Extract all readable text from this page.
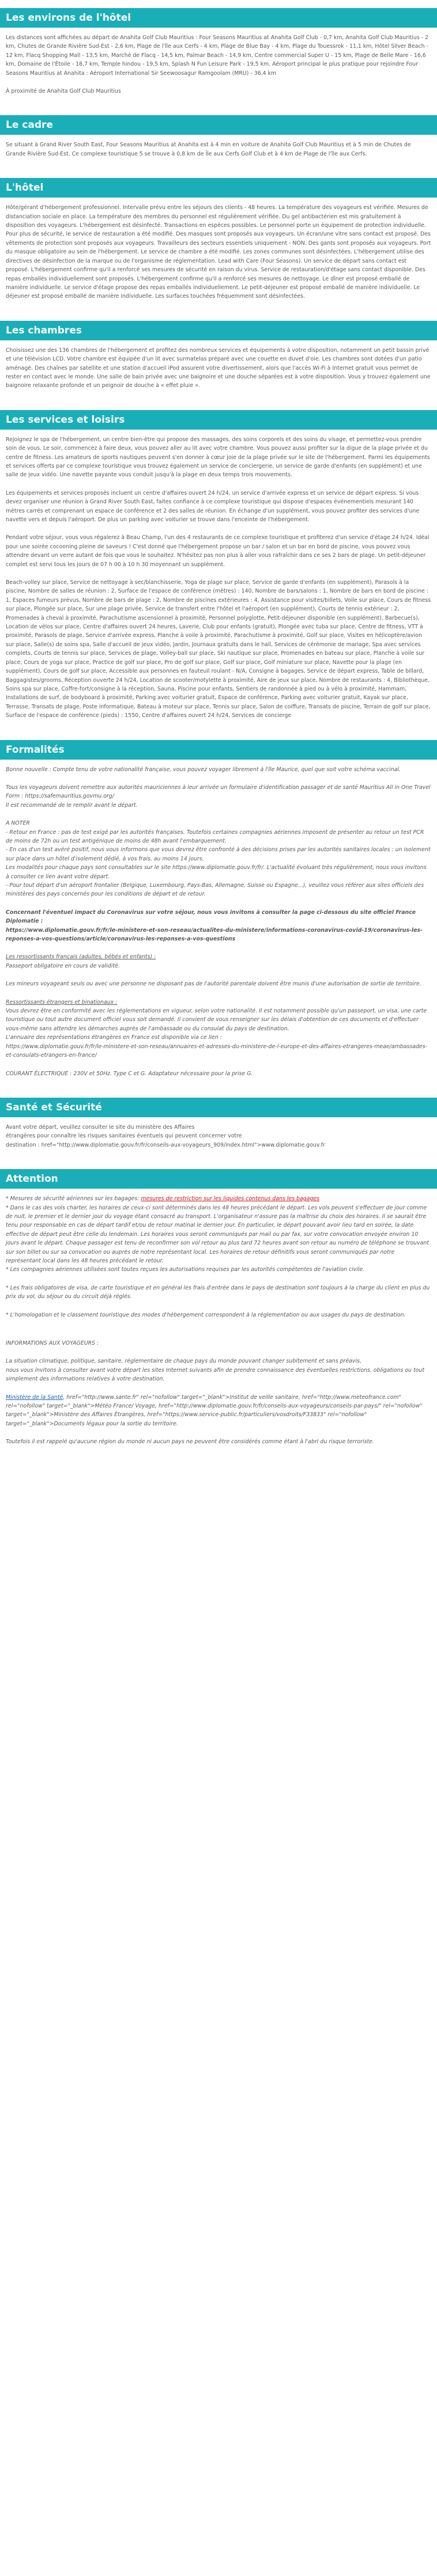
Les environs de l'hôtel

Les distances sont affichées au départ de Anahita Golf Club Mauritius : Four Seasons Mauritius at Anahita Golf Club - 0,7 km, Anahita Golf Club Mauritius - 2 km, Chutes de Grande Rivière Sud-Est - 2,6 km, Plage de l'île aux Cerfs - 4 km, Plage de Blue Bay - 4 km, Plage du Touessrok - 11,1 km, Hôtel Silver Beach - 12 km, Flacq Shopping Mall - 13,5 km, Marché de Flacq - 14,5 km, Palmar Beach - 14,9 km, Centre commercial Super U - 15 km, Plage de Belle Mare - 16,6 km, Domaine de l'Étoile - 18,7 km, Temple hindou - 19,5 km, Splash N Fun Leisure Park - 19,5 km. Aéroport principal le plus pratique pour rejoindre Four Seasons Mauritius at Anahita : Aéroport International Sir Seewoosagur Ramgoolam (MRU) - 36,4 km

À proximité de Anahita Golf Club Mauritius

Le cadre

Se situant à Grand River South East, Four Seasons Mauritius at Anahita est à 4 min en voiture de Anahita Golf Club Mauritius et à 5 min de Chutes de Grande Rivière Sud-Est. Ce complexe touristique 5 se trouve à 0,8 km de Île aux Cerfs Golf Club et à 4 km de Plage de l'île aux Cerfs.

L'hôtel

Hôte/gérant d'hébergement professionnel. Intervalle prévu entre les séjours des clients - 48 heures. La température des voyageurs est vérifiée. Mesures de distanciation sociale en place. La température des membres du personnel est régulièrement vérifiée. Du gel antibactérien est mis gratuitement à disposition des voyageurs. L'hébergement est désinfecté. Transactions en espèces possibles. Le personnel porte un équipement de protection individuelle. Pour plus de sécurité, le service de restauration a été modifié. Des masques sont proposés aux voyageurs. Un écran/une vitre sans contact est proposé. Des vêtements de protection sont proposés aux voyageurs. Travailleurs des secteurs essentiels uniquement - NON. Des gants sont proposés aux voyageurs. Port du masque obligatoire au sein de l'hébergement. Le service de chambre a été modifié. Les zones communes sont désinfectées. L'hébergement utilise des directives de désinfection de la marque ou de l'organisme de réglementation. Lead with Care (Four Seasons). Un service de départ sans contact est proposé. L'hébergement confirme qu'il a renforcé ses mesures de sécurité en raison du virus. Service de restauration/d'étage sans contact disponible. Des repas emballés individuellement sont proposés. L'hébergement confirme qu'il a renforcé ses mesures de nettoyage. Le dîner est proposé emballé de manière individuelle. Le service d'étage propose des repas emballés individuellement. Le petit-déjeuner est proposé emballé de manière individuelle. Le déjeuner est proposé emballé de manière individuelle. Les surfaces touchées fréquemment sont désinfectées.

Les chambres

Choisissez une des 136 chambres de l'hébergement et profitez des nombreux services et équipements à votre disposition, notamment un petit bassin privé et une télévision LCD. Votre chambre est équipée d'un lit avec surmatelas préparé avec une couette en duvet d'oie. Les chambres sont dotées d'un patio aménagé. Des chaînes par satellite et une station d'accueil iPod assurent votre divertissement, alors que l'accès Wi-Fi à Internet gratuit vous permet de rester en contact avec le monde. Une salle de bain privée avec une baignoire et une douche séparées est à votre disposition. Vous y trouvez également une baignoire relaxante profonde et un peignoir de douche à « effet pluie ».

Les services et loisirs

Rejoignez le spa de l'hébergement, un centre bien-être qui propose des massages, des soins corporels et des soins du visage, et permettez-vous prendre soin de vous. Le soir, commencez à faire deux, vous pouvez aller au lit avec votre chambre. Vous pouvez aussi profiter sur la digue de la plage privée et du centre de fitness. Les amateurs de sports nautiques peuvent s'en donner à cœur joie de la plage privée sur le site de l'hébergement. Parmi les équipements et services offerts par ce complexe touristique vous trouvez également un service de conciergerie, un service de garde d'enfants (en supplément) et une salle de jeux vidéo. Une navette payante vous conduit jusqu'à la plage en deux temps trois mouvements.

Les équipements et services proposés incluent un centre d'affaires ouvert 24 h/24, un service d'arrivée express et un service de départ express. Si vous devez organiser une réunion à Grand River South East, faites confiance à ce complexe touristique qui dispose d'espaces événementiels mesurant 140 mètres carrés et comprenant un espace de conférence et 2 des salles de réunion. En échange d'un supplément, vous pouvez profiter des services d'une navette vers et depuis l'aéroport. De plus un parking avec voiturier se trouve dans l'enceinte de l'hébergement.

Pendant votre séjour, vous vous régalerez à Beau Champ, l'un des 4 restaurants de ce complexe touristique et profiterez d'un service d'étage 24 h/24. Idéal pour une soirée cocooning pleine de saveurs ! C'est donné que l'hébergement propose un bar / salon et un bar en bord de piscine, vous pouvez vous attendre devant un verre autant de fois que vous le souhaitez. N'hésitez pas non plus à aller vous rafraîchir dans ce ses 2 bars de plage. Un petit-déjeuner complet est servi tous les jours de 07 h 00 à 10 h 30 moyennant un supplément.

Beach-volley sur place, Service de nettoyage à sec/blanchisserie, Yoga de plage sur place, Service de garde d'enfants (en supplément), Parasols à la piscine, Nombre de salles de réunion : 2, Surface de l'espace de conférence (mètres) : 140, Nombre de bars/salons : 1, Nombre de bars en bord de piscine : 1, Espaces fumeurs prévus, Nombre de bars de plage : 2, Nombre de piscines extérieures : 4, Assistance pour visites/billets, Voile sur place, Cours de fitness sur place, Plongée sur place, Sur une plage privée, Service de transfert entre l'hôtel et l'aéroport (en supplément), Courts de tennis extérieur : 2, Promenades à cheval à proximité, Parachutisme ascensionnel à proximité, Personnel polyglotte, Petit-déjeuner disponible (en supplément), Barbecue(s), Location de vélos sur place, Centre d'affaires ouvert 24 heures, Laverie, Club pour enfants (gratuit), Plongée avec tuba sur place, Centre de fitness, VTT à proximité, Parasols de plage, Service d'arrivée express, Planche à voile à proximité, Parachutisme à proximité, Golf sur place, Visites en hélicoptère/avion sur place, Salle(s) de soins spa, Salle d'accueil de jeux vidéo, Jardin, Journaux gratuits dans le hall, Services de cérémonie de mariage, Spa avec services complets, Courts de tennis sur place, Services de plage, Volley-ball sur place, Ski nautique sur place, Promenades en bateau sur place, Planche à voile sur place, Cours de yoga sur place, Practice de golf sur place, Pro de golf sur place, Golf sur place, Golf miniature sur place, Navette pour la plage (en supplément), Cours de golf sur place, Accessible aux personnes en fauteuil roulant - N/A, Consigne à bagages, Service de départ express, Table de billard, Baggagistes/grooms, Réception ouverte 24 h/24, Location de scooter/motylette à proximité, Aire de jeux sur place, Nombre de restaurants : 4, Bibliothèque, Soins spa sur place, Coffre-fort/consigne à la réception, Sauna, Piscine pour enfants, Sentiers de randonnée à pied ou à vélo à proximité, Hammam, Installations de surf, de bodyboard à proximité, Parking avec voiturier gratuit, Espace de conférence, Parking avec voiturier gratuit, Kayak sur place, Terrasse, Transats de plage, Poste informatique, Bateau à moteur sur place, Tennis sur place, Salon de coiffure, Transats de piscine, Terrain de golf sur place, Surface de l'espace de conférence (pieds) : 1550, Centre d'affaires ouvert 24 h/24, Services de concierge

Formalités

Bonne nouvelle : Compte tenu de votre nationalité française, vous pouvez voyager librement à l'île Maurice, quel que soit votre schéma vaccinal.

Tous les voyageurs doivent remettre aux autorités mauriciennes à leur arrivée un formulaire d'identification passager et de santé Mauritius All in One Travel Form : https://safemauritius.govmu.org/
Il est recommandé de le remplir avant le départ.

A NOTER
- Retour en France : pas de test exigé par les autorités françaises. Toutefois certaines compagnies aériennes imposent de présenter au retour un test PCR de moins de 72h ou un test antigénique de moins de 48h avant l'embarquement.
- En cas d'un test avéré positif, nous vous informons que vous devrez être confronté à des décisions prises par les autorités sanitaires locales : un isolement sur place dans un hôtel d'isolement dédié, à vos frais, au moins 14 jours.
Les modalités pour chaque pays sont consultables sur le site https://www.diplomatie.gouv.fr/fr/. L'actualité évoluant très régulièrement, nous vous invitons à consulter ce lien avant votre départ.
- Pour tout départ d'un aéroport frontalier (Belgique, Luxembourg, Pays-Bas, Allemagne, Suisse ou Espagne...), veuillez vous référer aux sites officiels des ministères des pays concernés pour les conditions de départ et de retour.

Concernant l'éventuel impact du Coronavirus sur votre séjour, nous vous invitons à consulter la page ci-dessous du site officiel France Diplomatie :
https://www.diplomatie.gouv.fr/fr/le-ministere-et-son-reseau/actualites-du-ministere/informations-coronavirus-covid-19/coronavirus-les-reponses-a-vos-questions/article/coronavirus-les-reponses-a-vos-questions

Les ressortissants français (adultes, bébés et enfants) :
Passeport obligatoire en cours de validité.

Les mineurs voyageant seuls ou avec une personne ne disposant pas de l'autorité parentale doivent être munis d'une autorisation de sortie de territoire.

Ressortissants étrangers et binationaux :
Vous devrez être en conformité avec les réglementations en vigueur, selon votre nationalité. Il est notamment possible qu'un passeport, un visa, une carte touristique ou tout autre document officiel vous soit demandé. Il convient de vous renseigner sur les délais d'obtention de ces documents et d'effectuer vous-même sans attendre les démarches auprès de l'ambassade ou du consulat du pays de destination.
L'annuaire des représentations étrangères en France est disponible via ce lien :
https://www.diplomatie.gouv.fr/fr/le-ministere-et-son-reseau/annuaires-et-adresses-du-ministere-de-l-europe-et-des-affaires-etrangeres-meae/ambassades-et-consulats-etrangers-en-france/

COURANT ÉLECTRIQUE : 230V et 50Hz. Type C et G. Adaptateur nécessaire pour la prise G.

Santé et Sécurité

Avant votre départ, veuillez consulter le site du ministère des Affaires
étrangères pour connaître les risques sanitaires éventuels qui peuvent concerner votre
destination : href="http://www.diplomatie.gouv.fr/fr/conseils-aux-voyageurs_909/index.html">www.diplomatie.gouv.fr

Attention

* Mesures de sécurité aériennes sur les bagages: mesures de restriction sur les liquides contenus dans les bagages
* Dans le cas des vols charter, les horaires de ceux-ci sont déterminés dans les 48 heures précédant le départ. Les vols peuvent s'effectuer de jour comme de nuit, le premier et le dernier jour du voyage étant consacré au transport. L'organisateur n'assure pas la maîtrise du choix des horaires. Il se saurait être tenu pour responsable en cas de départ tardif et/ou de retour matinal le dernier jour. En particulier, le départ pouvant avoir lieu tard en soirée, la date effective de départ peut être celle du lendemain. Les horaires vous seront communiqués par mail ou par fax, sur votre convocation envoyée environ 10 jours avant le départ. Chaque passager est tenu de reconfirmer son vol retour au plus tard 72 heures avant son retour au numéro de téléphone se trouvant sur son billet ou sur sa convocation ou auprès de notre représentant local. Les horaires de retour définitifs vous seront communiqués par notre représentant local dans les 48 heures précédant le retour.
* Les compagnies aériennes utilisées sont toutes reçues les autorisations requises par les autorités compétentes de l'aviation civile.

* Les frais obligatoires de visa, de carte touristique et en général les frais d'entrée dans le pays de destination sont toujours à la charge du client en plus du prix du vol, du séjour ou du circuit déjà réglés.

* L'homologation et le classement touristique des modes d'hébergement correspondent à la réglementation ou aux usages du pays de destination.

INFORMATIONS AUX VOYAGEURS :

La situation climatique, politique, sanitaire, réglementaire de chaque pays du monde pouvant changer subitement et sans préavis,
nous vous invitons à consulter avant votre départ les sites Internet suivants afin de prendre connaissance des éventuelles restrictions, obligations ou tout simplement des informations relatives à votre destination.

Ministère de la Santé, href="http://www.sante.fr" rel="nofollow" target="_blank">Institut de veille sanitaire, href="http://www.meteofrance.com" rel="nofollow" target="_blank">Météo France/ Voyage, href="http://www.diplomatie.gouv.fr/fr/conseils-aux-voyageurs/conseils-par-pays/" rel="nofollow" target="_blank">Ministère des Affaires Étrangères, href="https://www.service-public.fr/particuliers/vosdroits/F33833" rel="nofollow" target="_blank">Documents légaux pour la sortie du territoire.

Toutefois il est rappelé qu'aucune région du monde ni aucun pays ne peuvent être considérés comme étant à l'abri du risque terroriste.
